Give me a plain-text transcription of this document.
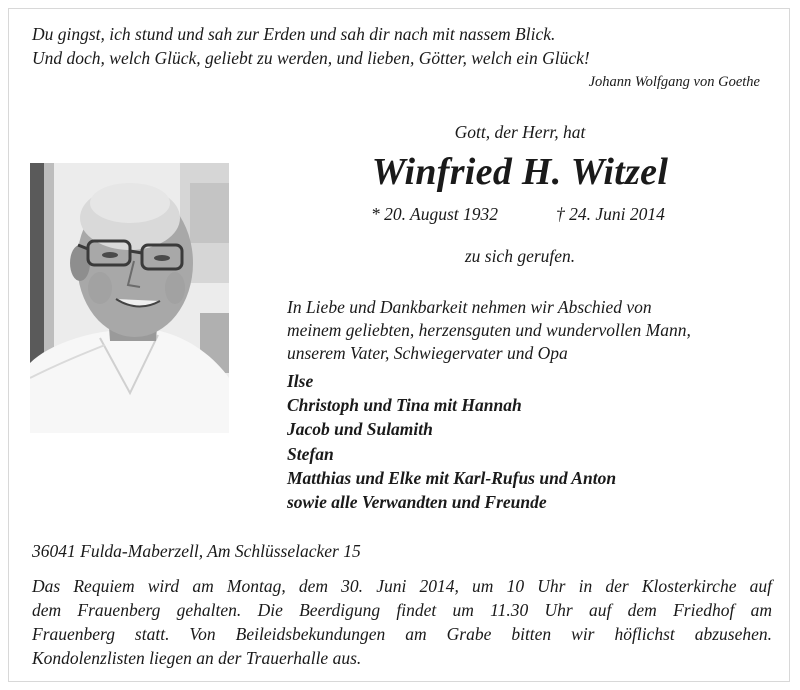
Du gingst, ich stund und sah zur Erden und sah dir nach mit nassem Blick.
Und doch, welch Glück, geliebt zu werden, und lieben, Götter, welch ein Glück!
Johann Wolfgang von Goethe
Gott, der Herr, hat
Winfried H. Witzel
* 20. August 1932	† 24. Juni 2014
zu sich gerufen.
In Liebe und Dankbarkeit nehmen wir Abschied von
meinem geliebten, herzensguten und wundervollen Mann,
unserem Vater, Schwiegervater und Opa
Ilse
Christoph und Tina mit Hannah
Jacob und Sulamith
Stefan
Matthias und Elke mit Karl-Rufus und Anton
sowie alle Verwandten und Freunde
36041 Fulda-Maberzell, Am Schlüsselacker 15
Das Requiem wird am Montag, dem 30. Juni 2014, um 10 Uhr in der Klosterkirche auf
dem Frauenberg gehalten. Die Beerdigung findet um 11.30 Uhr auf dem Friedhof am
Frauenberg statt. Von Beileidsbekundungen am Grabe bitten wir höflichst abzusehen.
Kondolenzlisten liegen an der Trauerhalle aus.
